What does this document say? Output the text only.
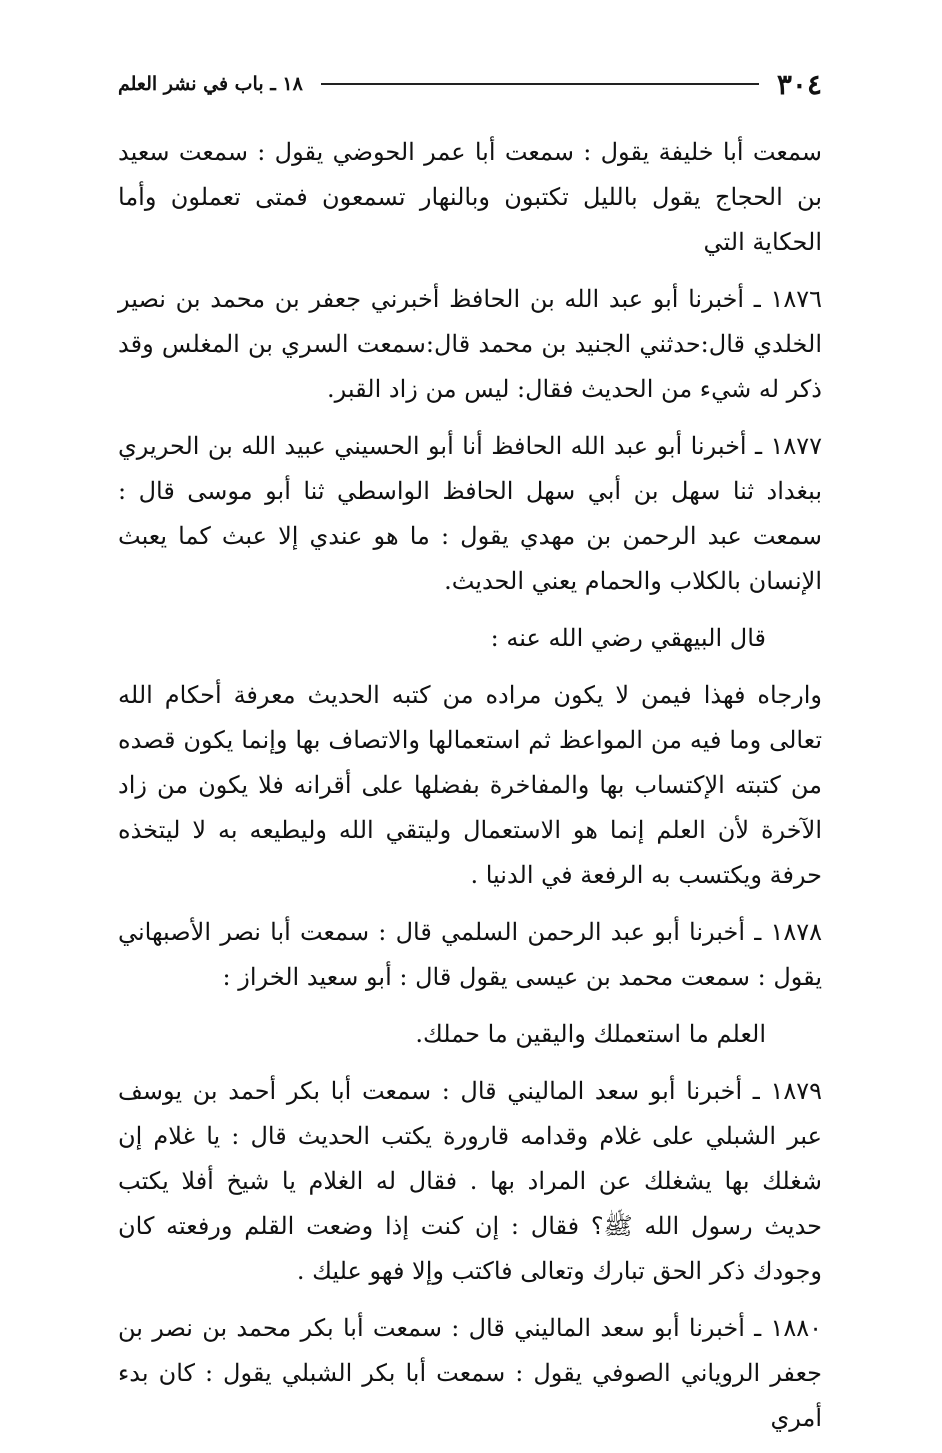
٣٠٤
١٨ ـ باب في نشر العلم

سمعت أبا خليفة يقول : سمعت أبا عمر الحوضي يقول : سمعت سعيد بن الحجاج يقول بالليل تكتبون وبالنهار تسمعون فمتى تعملون وأما الحكاية التي

١٨٧٦ ـ أخبرنا أبو عبد الله بن الحافظ أخبرني جعفر بن محمد بن نصير الخلدي قال:حدثني الجنيد بن محمد قال:سمعت السري بن المغلس وقد ذكر له شيء من الحديث فقال: ليس من زاد القبر.

١٨٧٧ ـ أخبرنا أبو عبد الله الحافظ أنا أبو الحسيني عبيد الله بن الحريري ببغداد ثنا سهل بن أبي سهل الحافظ الواسطي ثنا أبو موسى قال : سمعت عبد الرحمن بن مهدي يقول : ما هو عندي إلا عبث كما يعبث الإنسان بالكلاب والحمام يعني الحديث.

قال البيهقي رضي الله عنه :

وارجاه فهذا فيمن لا يكون مراده من كتبه الحديث معرفة أحكام الله تعالى وما فيه من المواعظ ثم استعمالها والاتصاف بها وإنما يكون قصده من كتبته الإكتساب بها والمفاخرة بفضلها على أقرانه فلا يكون من زاد الآخرة لأن العلم إنما هو الاستعمال وليتقي الله وليطيعه به لا ليتخذه حرفة ويكتسب به الرفعة في الدنيا .

١٨٧٨ ـ أخبرنا أبو عبد الرحمن السلمي قال : سمعت أبا نصر الأصبهاني يقول : سمعت محمد بن عيسى يقول قال : أبو سعيد الخراز :

العلم ما استعملك واليقين ما حملك.

١٨٧٩ ـ أخبرنا أبو سعد الماليني قال : سمعت أبا بكر أحمد بن يوسف عبر الشبلي على غلام وقدامه قارورة يكتب الحديث قال : يا غلام إن شغلك بها يشغلك عن المراد بها . فقال له الغلام يا شيخ أفلا يكتب حديث رسول الله ﷺ؟ فقال : إن كنت إذا وضعت القلم ورفعته كان وجودك ذكر الحق تبارك وتعالى فاكتب وإلا فهو عليك .

١٨٨٠ ـ أخبرنا أبو سعد الماليني قال : سمعت أبا بكر محمد بن نصر بن جعفر الروياني الصوفي يقول : سمعت أبا بكر الشبلي يقول : كان بدء أمري
